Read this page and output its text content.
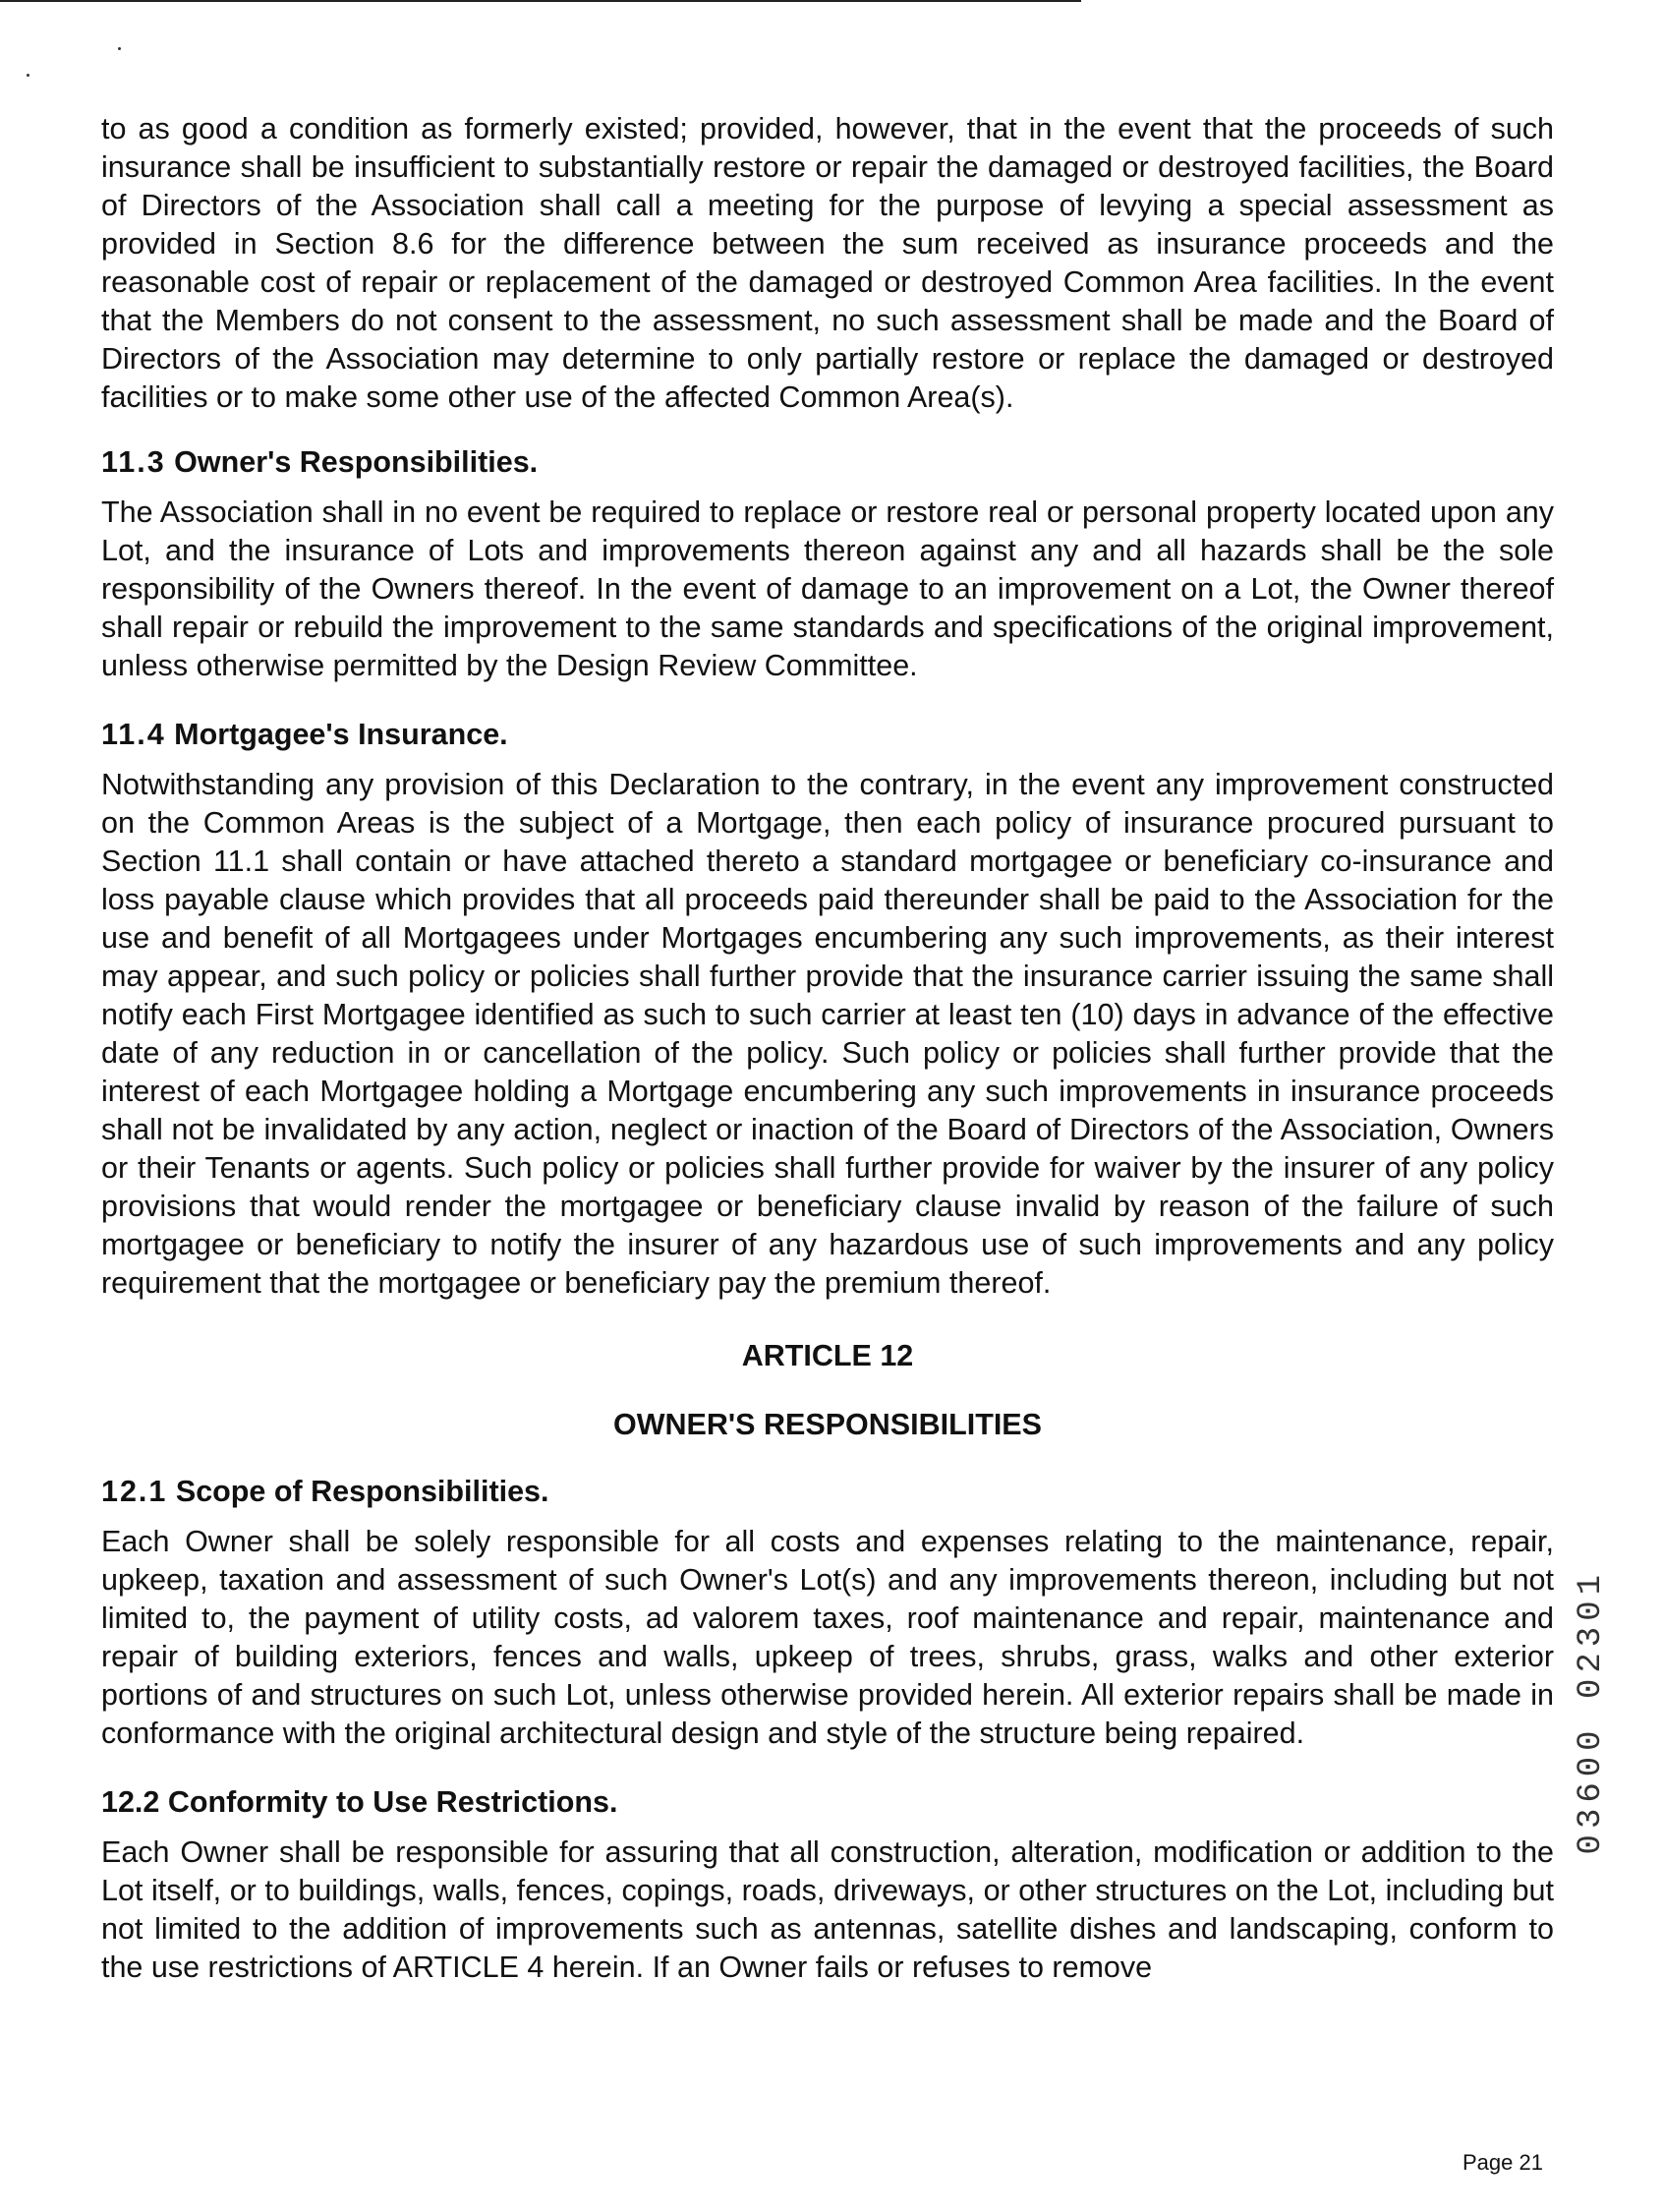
to as good a condition as formerly existed; provided, however, that in the event that the proceeds of such insurance shall be insufficient to substantially restore or repair the damaged or destroyed facilities, the Board of Directors of the Association shall call a meeting for the purpose of levying a special assessment as provided in Section 8.6 for the difference between the sum received as insurance proceeds and the reasonable cost of repair or replacement of the damaged or destroyed Common Area facilities. In the event that the Members do not consent to the assessment, no such assessment shall be made and the Board of Directors of the Association may determine to only partially restore or replace the damaged or destroyed facilities or to make some other use of the affected Common Area(s).

11.3 Owner's Responsibilities.

The Association shall in no event be required to replace or restore real or personal property located upon any Lot, and the insurance of Lots and improvements thereon against any and all hazards shall be the sole responsibility of the Owners thereof. In the event of damage to an improvement on a Lot, the Owner thereof shall repair or rebuild the improvement to the same standards and specifications of the original improvement, unless otherwise permitted by the Design Review Committee.

11.4 Mortgagee's Insurance.

Notwithstanding any provision of this Declaration to the contrary, in the event any improvement constructed on the Common Areas is the subject of a Mortgage, then each policy of insurance procured pursuant to Section 11.1 shall contain or have attached thereto a standard mortgagee or beneficiary co-insurance and loss payable clause which provides that all proceeds paid thereunder shall be paid to the Association for the use and benefit of all Mortgagees under Mortgages encumbering any such improvements, as their interest may appear, and such policy or policies shall further provide that the insurance carrier issuing the same shall notify each First Mortgagee identified as such to such carrier at least ten (10) days in advance of the effective date of any reduction in or cancellation of the policy. Such policy or policies shall further provide that the interest of each Mortgagee holding a Mortgage encumbering any such improvements in insurance proceeds shall not be invalidated by any action, neglect or inaction of the Board of Directors of the Association, Owners or their Tenants or agents. Such policy or policies shall further provide for waiver by the insurer of any policy provisions that would render the mortgagee or beneficiary clause invalid by reason of the failure of such mortgagee or beneficiary to notify the insurer of any hazardous use of such improvements and any policy requirement that the mortgagee or beneficiary pay the premium thereof.

ARTICLE 12
OWNER'S RESPONSIBILITIES
12.1 Scope of Responsibilities.

Each Owner shall be solely responsible for all costs and expenses relating to the maintenance, repair, upkeep, taxation and assessment of such Owner's Lot(s) and any improvements thereon, including but not limited to, the payment of utility costs, ad valorem taxes, roof maintenance and repair, maintenance and repair of building exteriors, fences and walls, upkeep of trees, shrubs, grass, walks and other exterior portions of and structures on such Lot, unless otherwise provided herein. All exterior repairs shall be made in conformance with the original architectural design and style of the structure being repaired.

12.2 Conformity to Use Restrictions.

Each Owner shall be responsible for assuring that all construction, alteration, modification or addition to the Lot itself, or to buildings, walls, fences, copings, roads, driveways, or other structures on the Lot, including but not limited to the addition of improvements such as antennas, satellite dishes and landscaping, conform to the use restrictions of ARTICLE 4 herein. If an Owner fails or refuses to remove

03600 02301
Page 21
